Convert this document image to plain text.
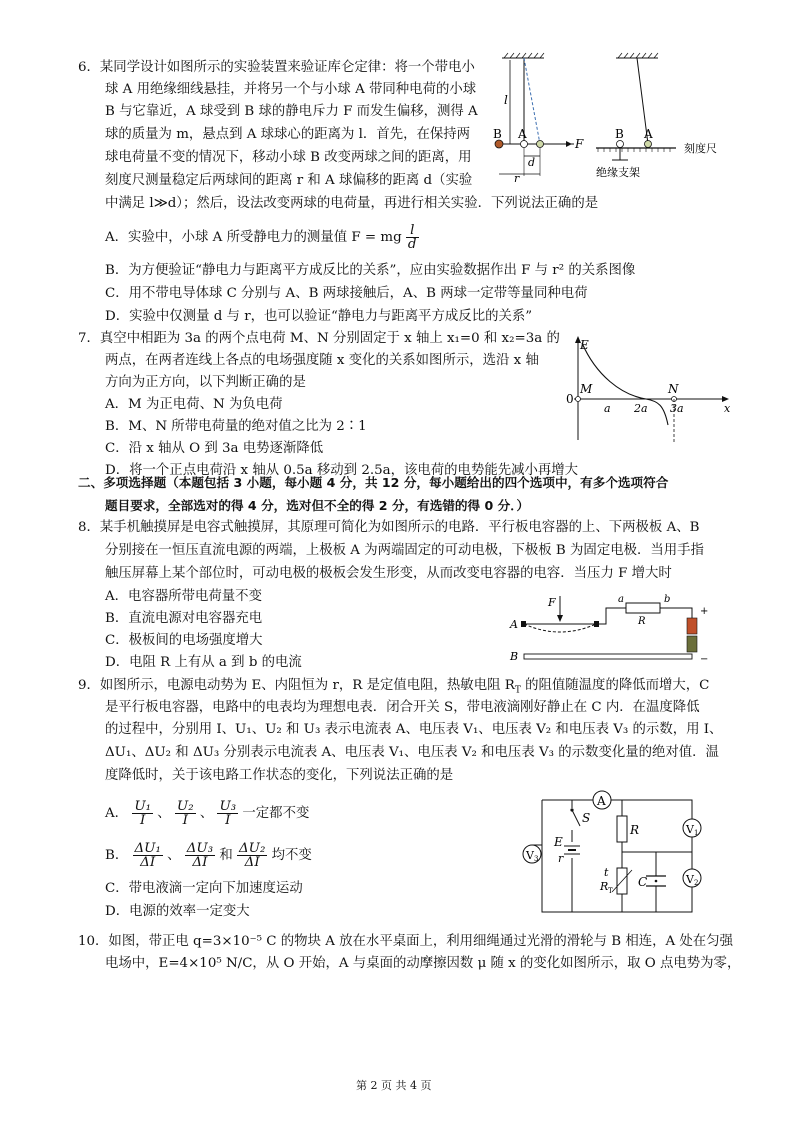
6．某同学设计如图所示的实验装置来验证库仑定律：将一个带电小
球 A 用绝缘细线悬挂，并将另一个与小球 A 带同种电荷的小球
B 与它靠近，A 球受到 B 球的静电斥力 F 而发生偏移，测得 A
球的质量为 m，悬点到 A 球球心的距离为 l．首先，在保持两
球电荷量不变的情况下，移动小球 B 改变两球之间的距离，用
刻度尺测量稳定后两球间的距离 r 和 A 球偏移的距离 d（实验
中满足 l≫d）；然后，设法改变两球的电荷量，再进行相关实验．下列说法正确的是
A．实验中，小球 A 所受静电力的测量值 F = mg $\frac{l}{d}$
B．为方便验证“静电力与距离平方成反比的关系”，应由实验数据作出 F 与 r² 的关系图像
C．用不带电导体球 C 分别与 A、B 两球接触后，A、B 两球一定带等量同种电荷
D．实验中仅测量 d 与 r，也可以验证“静电力与距离平方成反比的关系”
l
B A
F
d
r
B A
刻度尺
绝缘支架
7．真空中相距为 3a 的两个点电荷 M、N 分别固定于 x 轴上 x₁=0 和 x₂=3a 的
两点，在两者连线上各点的电场强度随 x 变化的关系如图所示，选沿 x 轴
方向为正方向，以下判断正确的是
A．M 为正电荷、N 为负电荷
B．M、N 所带电荷量的绝对值之比为 2∶1
C．沿 x 轴从 O 到 3a 电势逐渐降低
D．将一个正点电荷沿 x 轴从 0.5a 移动到 2.5a，该电荷的电势能先减小再增大
E
0
M	N
a 2a 3a	x
二、多项选择题（本题包括 3 小题，每小题 4 分，共 12 分，每小题给出的四个选项中，有多个选项符合
题目要求，全部选对的得 4 分，选对但不全的得 2 分，有选错的得 0 分．）
8．某手机触摸屏是电容式触摸屏，其原理可简化为如图所示的电路．平行板电容器的上、下两极板 A、B
分别接在一恒压直流电源的两端，上极板 A 为两端固定的可动电极，下极板 B 为固定电极．当用手指
触压屏幕上某个部位时，可动电极的极板会发生形变，从而改变电容器的电容．当压力 F 增大时
A．电容器所带电荷量不变
B．直流电源对电容器充电
C．极板间的电场强度增大
D．电阻 R 上有从 a 到 b 的电流
A
F
B
a	b
R
+
−
9．如图所示，电源电动势为 E、内阻恒为 r，R 是定值电阻，热敏电阻 $R_T$ 的阻值随温度的降低而增大，C
是平行板电容器，电路中的电表均为理想电表．闭合开关 S，带电液滴刚好静止在 C 内．在温度降低
的过程中，分别用 I、U₁、U₂ 和 U₃ 表示电流表 A、电压表 V₁、电压表 V₂ 和电压表 V₃ 的示数，用 I、
ΔU₁、ΔU₂ 和 ΔU₃ 分别表示电流表 A、电压表 V₁、电压表 V₂ 和电压表 V₃ 的示数变化量的绝对值．温
度降低时，关于该电路工作状态的变化，下列说法正确的是
A． $\frac{\text{U₁}}{I}$ 、 $\frac{\text{U₂}}{I}$ 、 $\frac{\text{U₃}}{I}$ 一定都不变
B． $\frac{\text{ΔU₁}}{\Delta I}$ 、 $\frac{\text{ΔU₃}}{\Delta I}$ 和 $\frac{\text{ΔU₂}}{\Delta I}$ 均不变
C．带电液滴一定向下加速度运动
D．电源的效率一定变大
A
S
E
r
R
t
R T
C
V 1
V 2
V 3
10．如图，带正电 q=3×10⁻⁵ C 的物块 A 放在水平桌面上，利用细绳通过光滑的滑轮与 B 相连，A 处在匀强
电场中，E=4×10⁵ N/C，从 O 开始，A 与桌面的动摩擦因数 μ 随 x 的变化如图所示，取 O 点电势为零，
第 2 页 共 4 页
